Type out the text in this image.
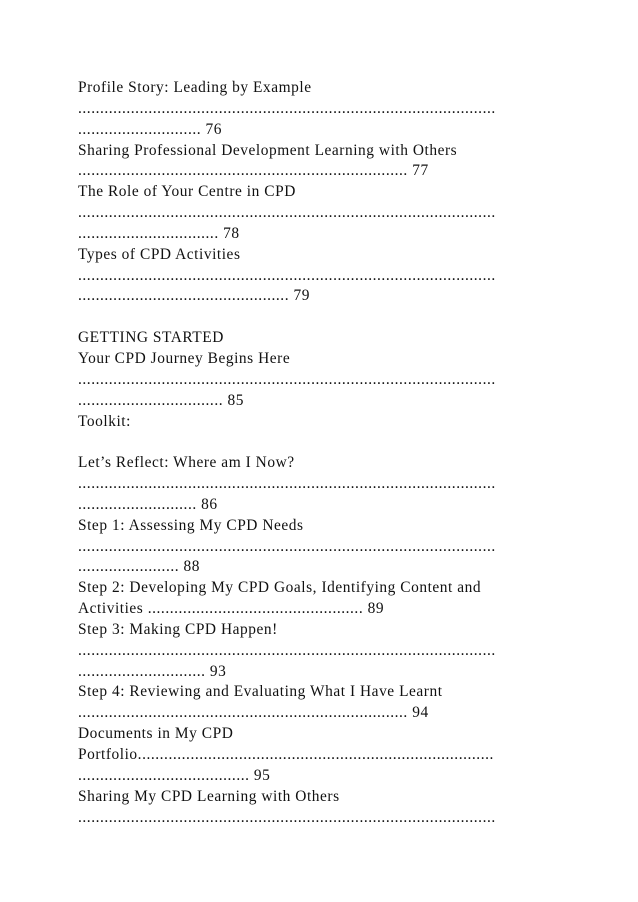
Profile Story: Leading by Example
...............................................................................................
............................ 76
Sharing Professional Development Learning with Others
........................................................................... 77
The Role of Your Centre in CPD
...............................................................................................
................................ 78
Types of CPD Activities
...............................................................................................
................................................ 79
GETTING STARTED
Your CPD Journey Begins Here
...............................................................................................
................................. 85
Toolkit:
Let’s Reflect: Where am I Now?
...............................................................................................
........................... 86
Step 1: Assessing My CPD Needs
...............................................................................................
....................... 88
Step 2: Developing My CPD Goals, Identifying Content and
Activities ................................................. 89
Step 3: Making CPD Happen!
...............................................................................................
............................. 93
Step 4: Reviewing and Evaluating What I Have Learnt
........................................................................... 94
Documents in My CPD
Portfolio.................................................................................
....................................... 95
Sharing My CPD Learning with Others
...............................................................................................
